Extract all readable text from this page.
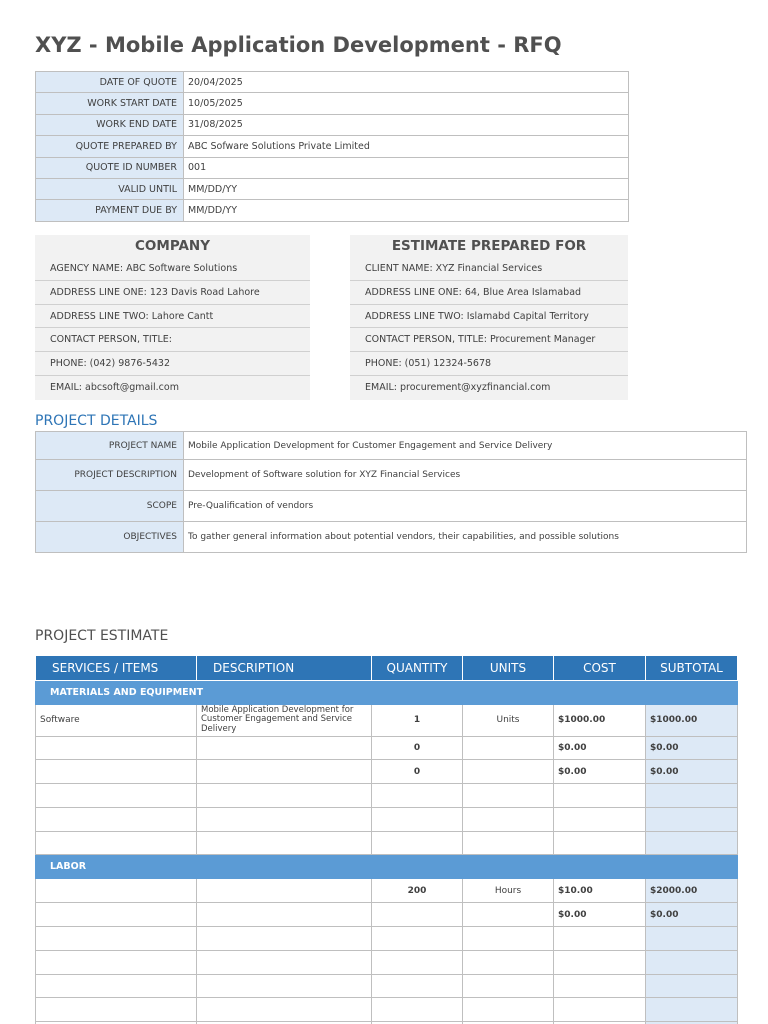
XYZ - Mobile Application Development - RFQ
DATE OF QUOTE	20/04/2025
WORK START DATE	10/05/2025
WORK END DATE	31/08/2025
QUOTE PREPARED BY	ABC Sofware Solutions Private Limited
QUOTE ID NUMBER	001
VALID UNTIL	MM/DD/YY
PAYMENT DUE BY	MM/DD/YY
COMPANY
AGENCY NAME: ABC Software Solutions
ADDRESS LINE ONE: 123 Davis Road Lahore
ADDRESS LINE TWO: Lahore Cantt
CONTACT PERSON, TITLE:
PHONE: (042) 9876-5432
EMAIL: abcsoft@gmail.com
ESTIMATE PREPARED FOR
CLIENT NAME: XYZ Financial Services
ADDRESS LINE ONE: 64, Blue Area Islamabad
ADDRESS LINE TWO: Islamabd Capital Territory
CONTACT PERSON, TITLE: Procurement Manager
PHONE: (051) 12324-5678
EMAIL: procurement@xyzfinancial.com
PROJECT DETAILS
PROJECT NAME	Mobile Application Development for Customer Engagement and Service Delivery
PROJECT DESCRIPTION	Development of Software solution for XYZ Financial Services
SCOPE	Pre-Qualification of vendors
OBJECTIVES	To gather general information about potential vendors, their capabilities, and possible solutions
PROJECT ESTIMATE
SERVICES / ITEMS	DESCRIPTION	QUANTITY	UNITS	COST	SUBTOTAL
MATERIALS AND EQUIPMENT					
Software	Mobile Application Development for Customer Engagement and Service Delivery	1	Units	$1000.00	$1000.00
		0		$0.00	$0.00
		0		$0.00	$0.00

LABOR					
		200	Hours	$10.00	$2000.00
				$0.00	$0.00
